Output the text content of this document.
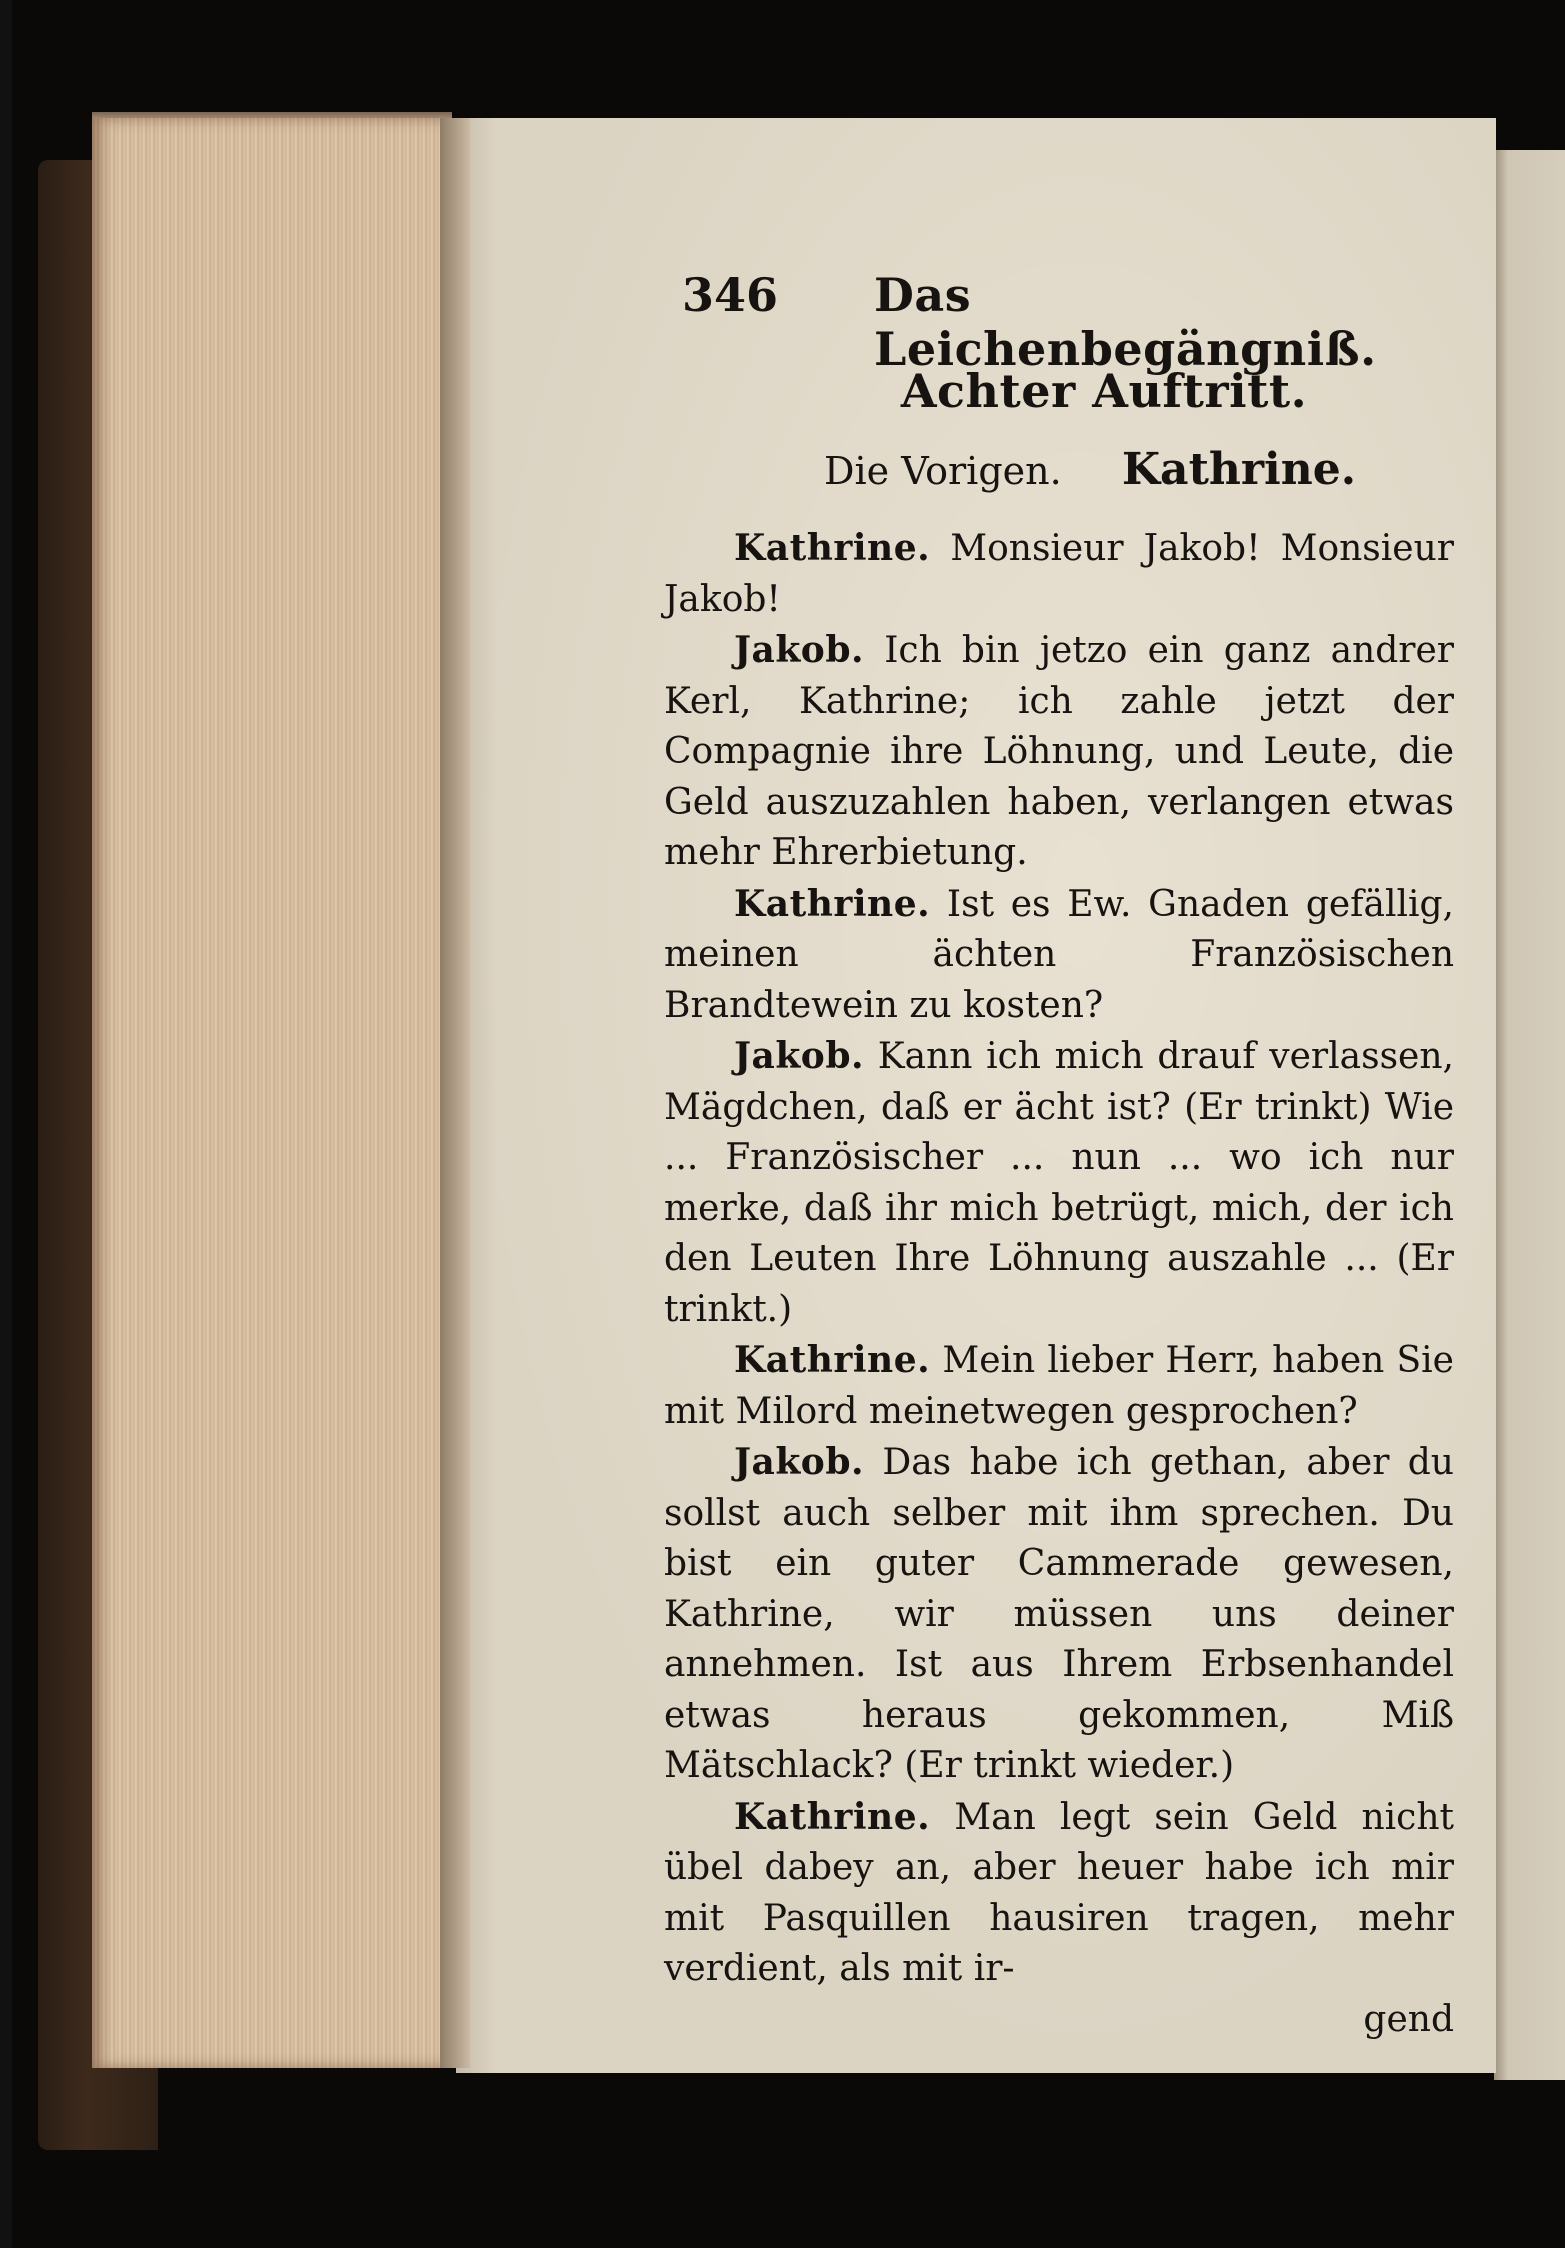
346 Das Leichenbegängniß.
Achter Auftritt.
Die Vorigen. Kathrine.

Kathrine. Monsieur Jakob! Monsieur Jakob!

Jakob. Ich bin jetzo ein ganz andrer Kerl, Kathrine; ich zahle jetzt der Compagnie ihre Löhnung, und Leute, die Geld auszuzahlen haben, verlangen etwas mehr Ehrerbietung.

Kathrine. Ist es Ew. Gnaden gefällig, meinen ächten Französischen Brandtewein zu kosten?

Jakob. Kann ich mich drauf verlassen, Mägdchen, daß er ächt ist? (Er trinkt) Wie ... Französischer ... nun ... wo ich nur merke, daß ihr mich betrügt, mich, der ich den Leuten Ihre Löhnung auszahle ... (Er trinkt.)

Kathrine. Mein lieber Herr, haben Sie mit Milord meinetwegen gesprochen?

Jakob. Das habe ich gethan, aber du sollst auch selber mit ihm sprechen. Du bist ein guter Cammerade gewesen, Kathrine, wir müssen uns deiner annehmen. Ist aus Ihrem Erbsenhandel etwas heraus gekommen, Miß Mätschlack? (Er trinkt wieder.)

Kathrine. Man legt sein Geld nicht übel dabey an, aber heuer habe ich mir mit Pasquillen hausiren tragen, mehr verdient, als mit ir-

gend
